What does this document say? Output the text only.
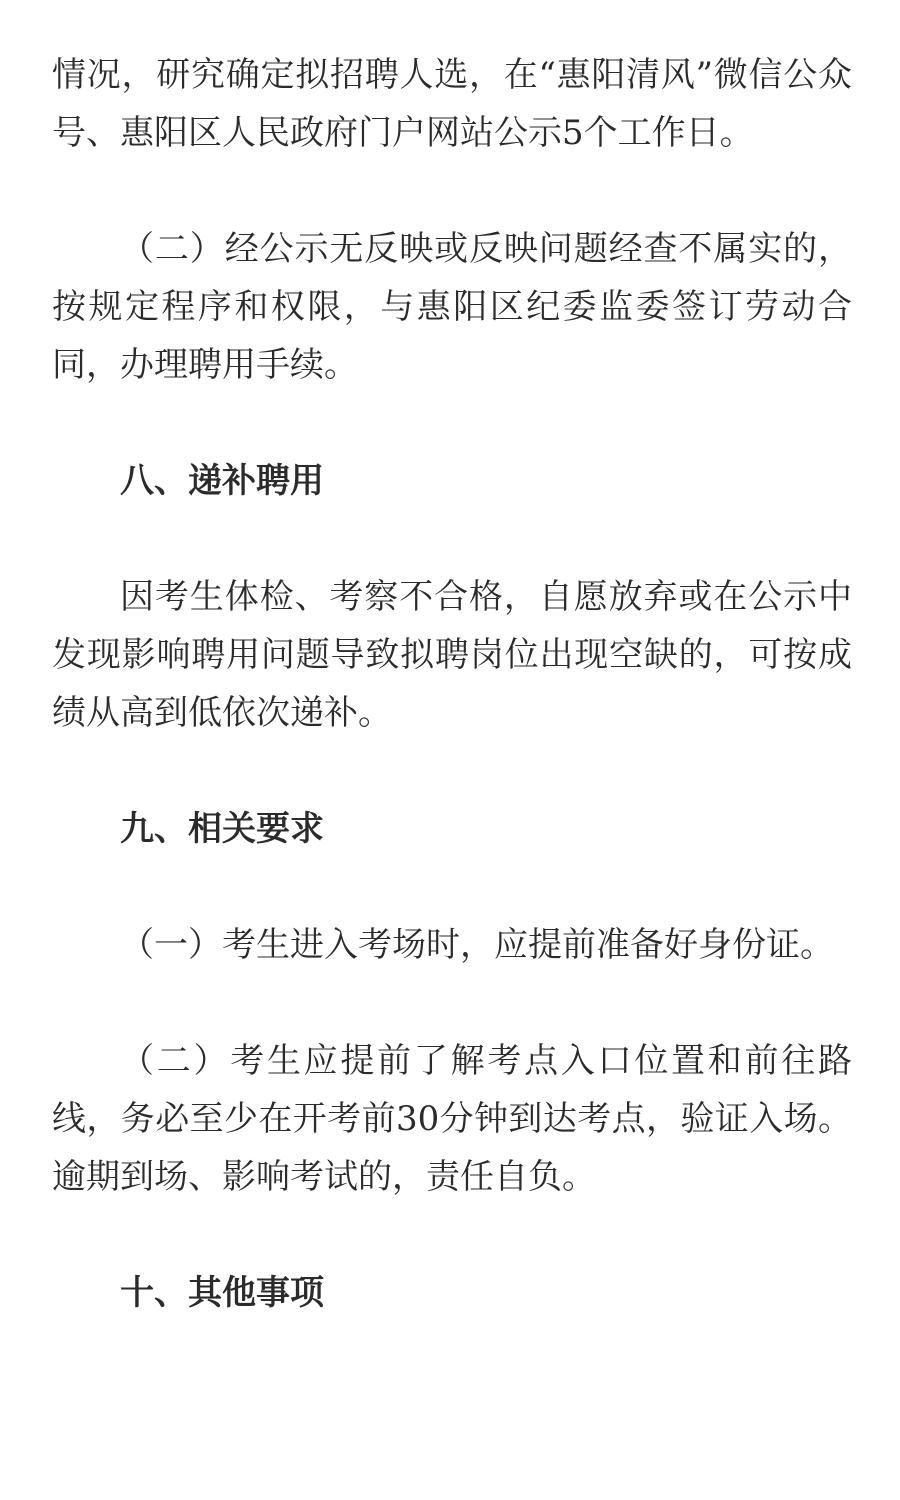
情况，研究确定拟招聘人选，在“惠阳清风”微信公众号、惠阳区人民政府门户网站公示5个工作日。

（二）经公示无反映或反映问题经查不属实的，按规定程序和权限，与惠阳区纪委监委签订劳动合同，办理聘用手续。

八、递补聘用

因考生体检、考察不合格，自愿放弃或在公示中发现影响聘用问题导致拟聘岗位出现空缺的，可按成绩从高到低依次递补。

九、相关要求

（一）考生进入考场时，应提前准备好身份证。

（二）考生应提前了解考点入口位置和前往路线，务必至少在开考前30分钟到达考点，验证入场。逾期到场、影响考试的，责任自负。

十、其他事项
